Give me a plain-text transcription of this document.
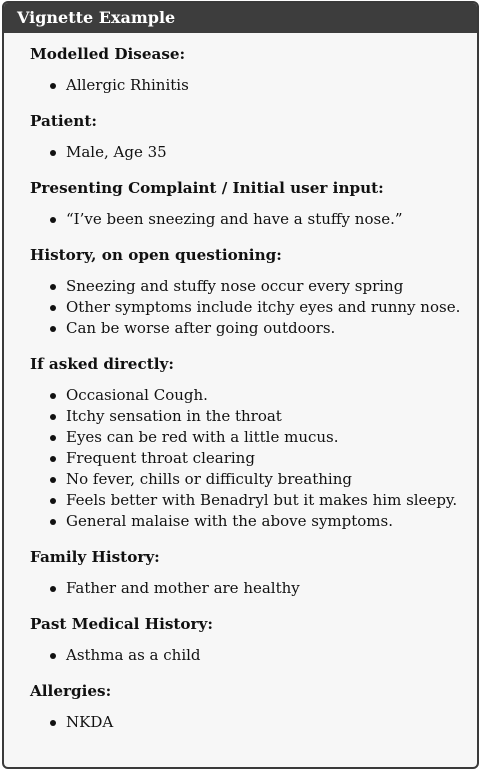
Vignette Example
Modelled Disease:
Allergic Rhinitis
Patient:
Male, Age 35
Presenting Complaint / Initial user input:
“I’ve been sneezing and have a stuffy nose.”
History, on open questioning:
Sneezing and stuffy nose occur every spring
Other symptoms include itchy eyes and runny nose.
Can be worse after going outdoors.
If asked directly:
Occasional Cough.
Itchy sensation in the throat
Eyes can be red with a little mucus.
Frequent throat clearing
No fever, chills or difficulty breathing
Feels better with Benadryl but it makes him sleepy.
General malaise with the above symptoms.
Family History:
Father and mother are healthy
Past Medical History:
Asthma as a child
Allergies:
NKDA
